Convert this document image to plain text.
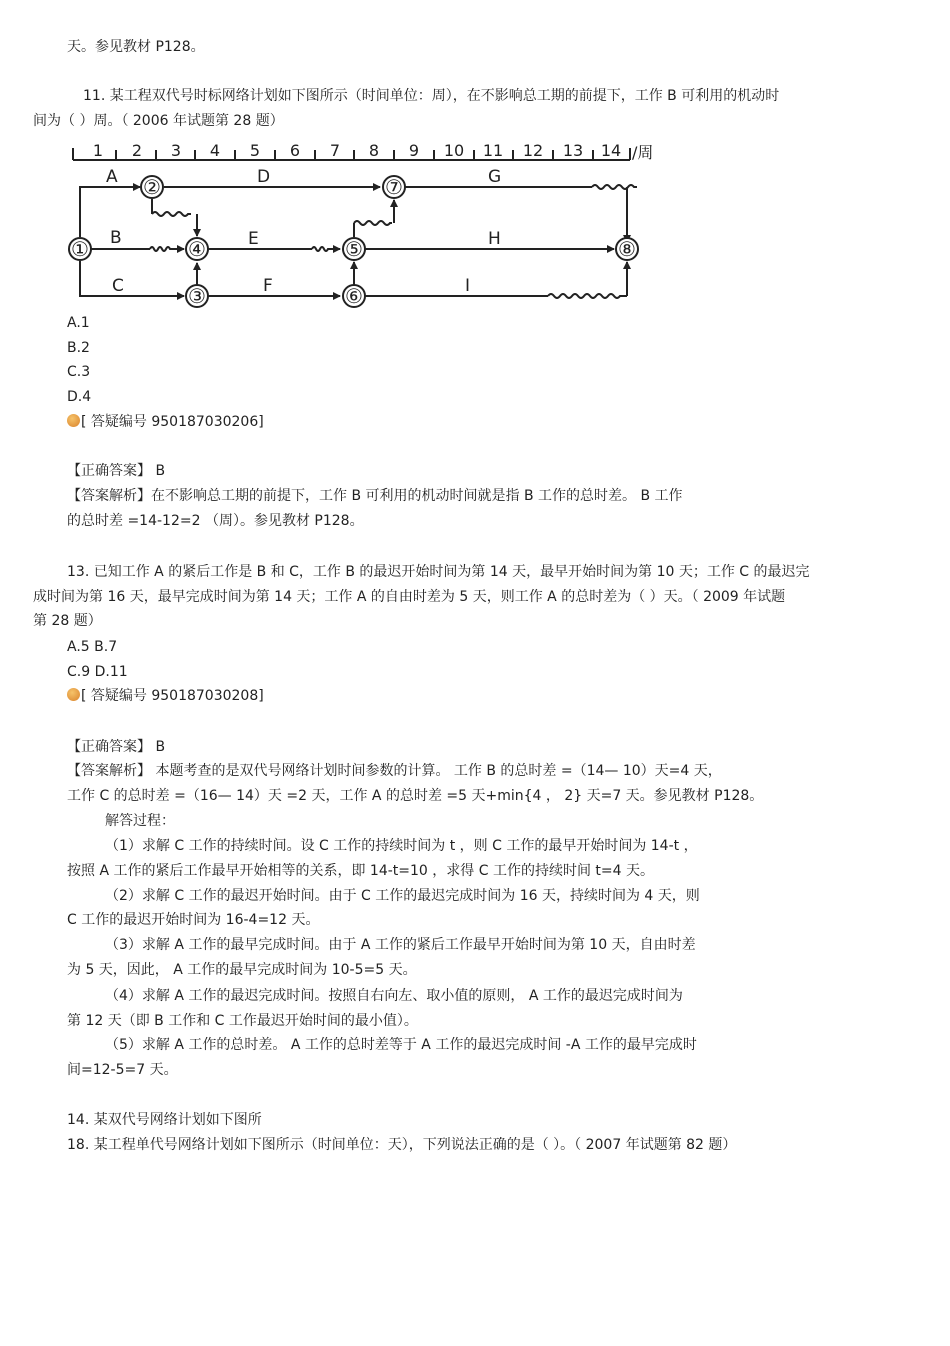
天。参见教材 P128。
11. 某工程双代号时标网络计划如下图所示（时间单位：周），在不影响总工期的前提下，工作 B 可利用的机动时
间为（ ）周。（ 2006 年试题第 28 题）
1 2 3 4 5 6 7 8 9 10 11 12 13 14 /周
①
②
③
④	⑤
⑥
⑦
⑧
A
B
C
D
E
F
G
H
I
A.1
B.2
C.3
D.4
[ 答疑编号 950187030206]
【正确答案】 B
【答案解析】在不影响总工期的前提下，工作 B 可利用的机动时间就是指 B 工作的总时差。 B 工作
的总时差 =14-12=2 （周）。参见教材 P128。
13. 已知工作 A 的紧后工作是 B 和 C，工作 B 的最迟开始时间为第 14 天，最早开始时间为第 10 天；工作 C 的最迟完
成时间为第 16 天，最早完成时间为第 14 天；工作 A 的自由时差为 5 天，则工作 A 的总时差为（ ）天。（ 2009 年试题
第 28 题）
A.5 B.7
C.9 D.11
[ 答疑编号 950187030208]
【正确答案】 B
【答案解析】 本题考查的是双代号网络计划时间参数的计算。 工作 B 的总时差 =（14— 10）天=4 天，
工作 C 的总时差 =（16— 14）天 =2 天，工作 A 的总时差 =5 天+min{4 ， 2} 天=7 天。参见教材 P128。
解答过程：
（1）求解 C 工作的持续时间。设 C 工作的持续时间为 t ，则 C 工作的最早开始时间为 14-t ，
按照 A 工作的紧后工作最早开始相等的关系，即 14-t=10 ，求得 C 工作的持续时间 t=4 天。
（2）求解 C 工作的最迟开始时间。由于 C 工作的最迟完成时间为 16 天，持续时间为 4 天，则
C 工作的最迟开始时间为 16-4=12 天。
（3）求解 A 工作的最早完成时间。由于 A 工作的紧后工作最早开始时间为第 10 天，自由时差
为 5 天，因此， A 工作的最早完成时间为 10-5=5 天。
（4）求解 A 工作的最迟完成时间。按照自右向左、取小值的原则， A 工作的最迟完成时间为
第 12 天（即 B 工作和 C 工作最迟开始时间的最小值）。
（5）求解 A 工作的总时差。 A 工作的总时差等于 A 工作的最迟完成时间 -A 工作的最早完成时
间=12-5=7 天。
14. 某双代号网络计划如下图所
18. 某工程单代号网络计划如下图所示（时间单位：天），下列说法正确的是（ ）。（ 2007 年试题第 82 题）
